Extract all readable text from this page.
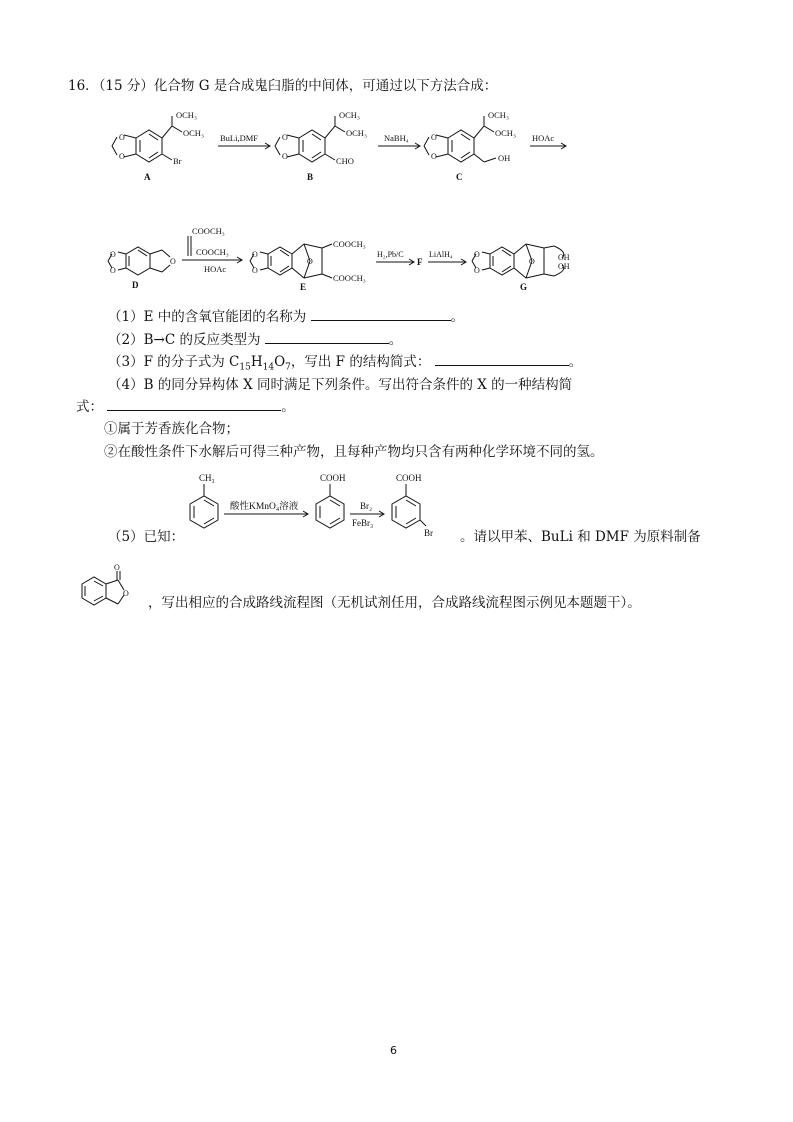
16．（15 分）化合物 G 是合成鬼臼脂的中间体，可通过以下方法合成：
O
O
O
O
O
O
OCH₃
OCH₃
Br
A
BuLi,DMF
OCH₃
OCH₃
CHO
B
NaBH₄
OCH₃
OCH₃
OH
C
HOAc
O
O
O
O
O
O
O
O
O
COOCH₃
COOCH₃
HOAc
D
COOCH₃
COOCH₃
E
H₂,Pb/C
F
LiAlH₄	OH
OH
G
（1）E 中的含氧官能团的名称为	。
（2）B→C 的反应类型为	。
（3）F 的分子式为 $C_{15}H_{14}O_7$，写出 F 的结构简式：	。
（4）B 的同分异构体 X 同时满足下列条件。写出符合条件的 X 的一种结构简
式：	。
①属于芳香族化合物；
②在酸性条件下水解后可得三种产物，且每种产物均只含有两种化学环境不同的氢。
（5）已知：
CH₃
酸性KMnO₄溶液
COOH
Br₂
FeBr₃
COOH
Br 。请以甲苯、BuLi 和 DMF 为原料制备
O
O
，写出相应的合成路线流程图（无机试剂任用，合成路线流程图示例见本题题干）。
6
